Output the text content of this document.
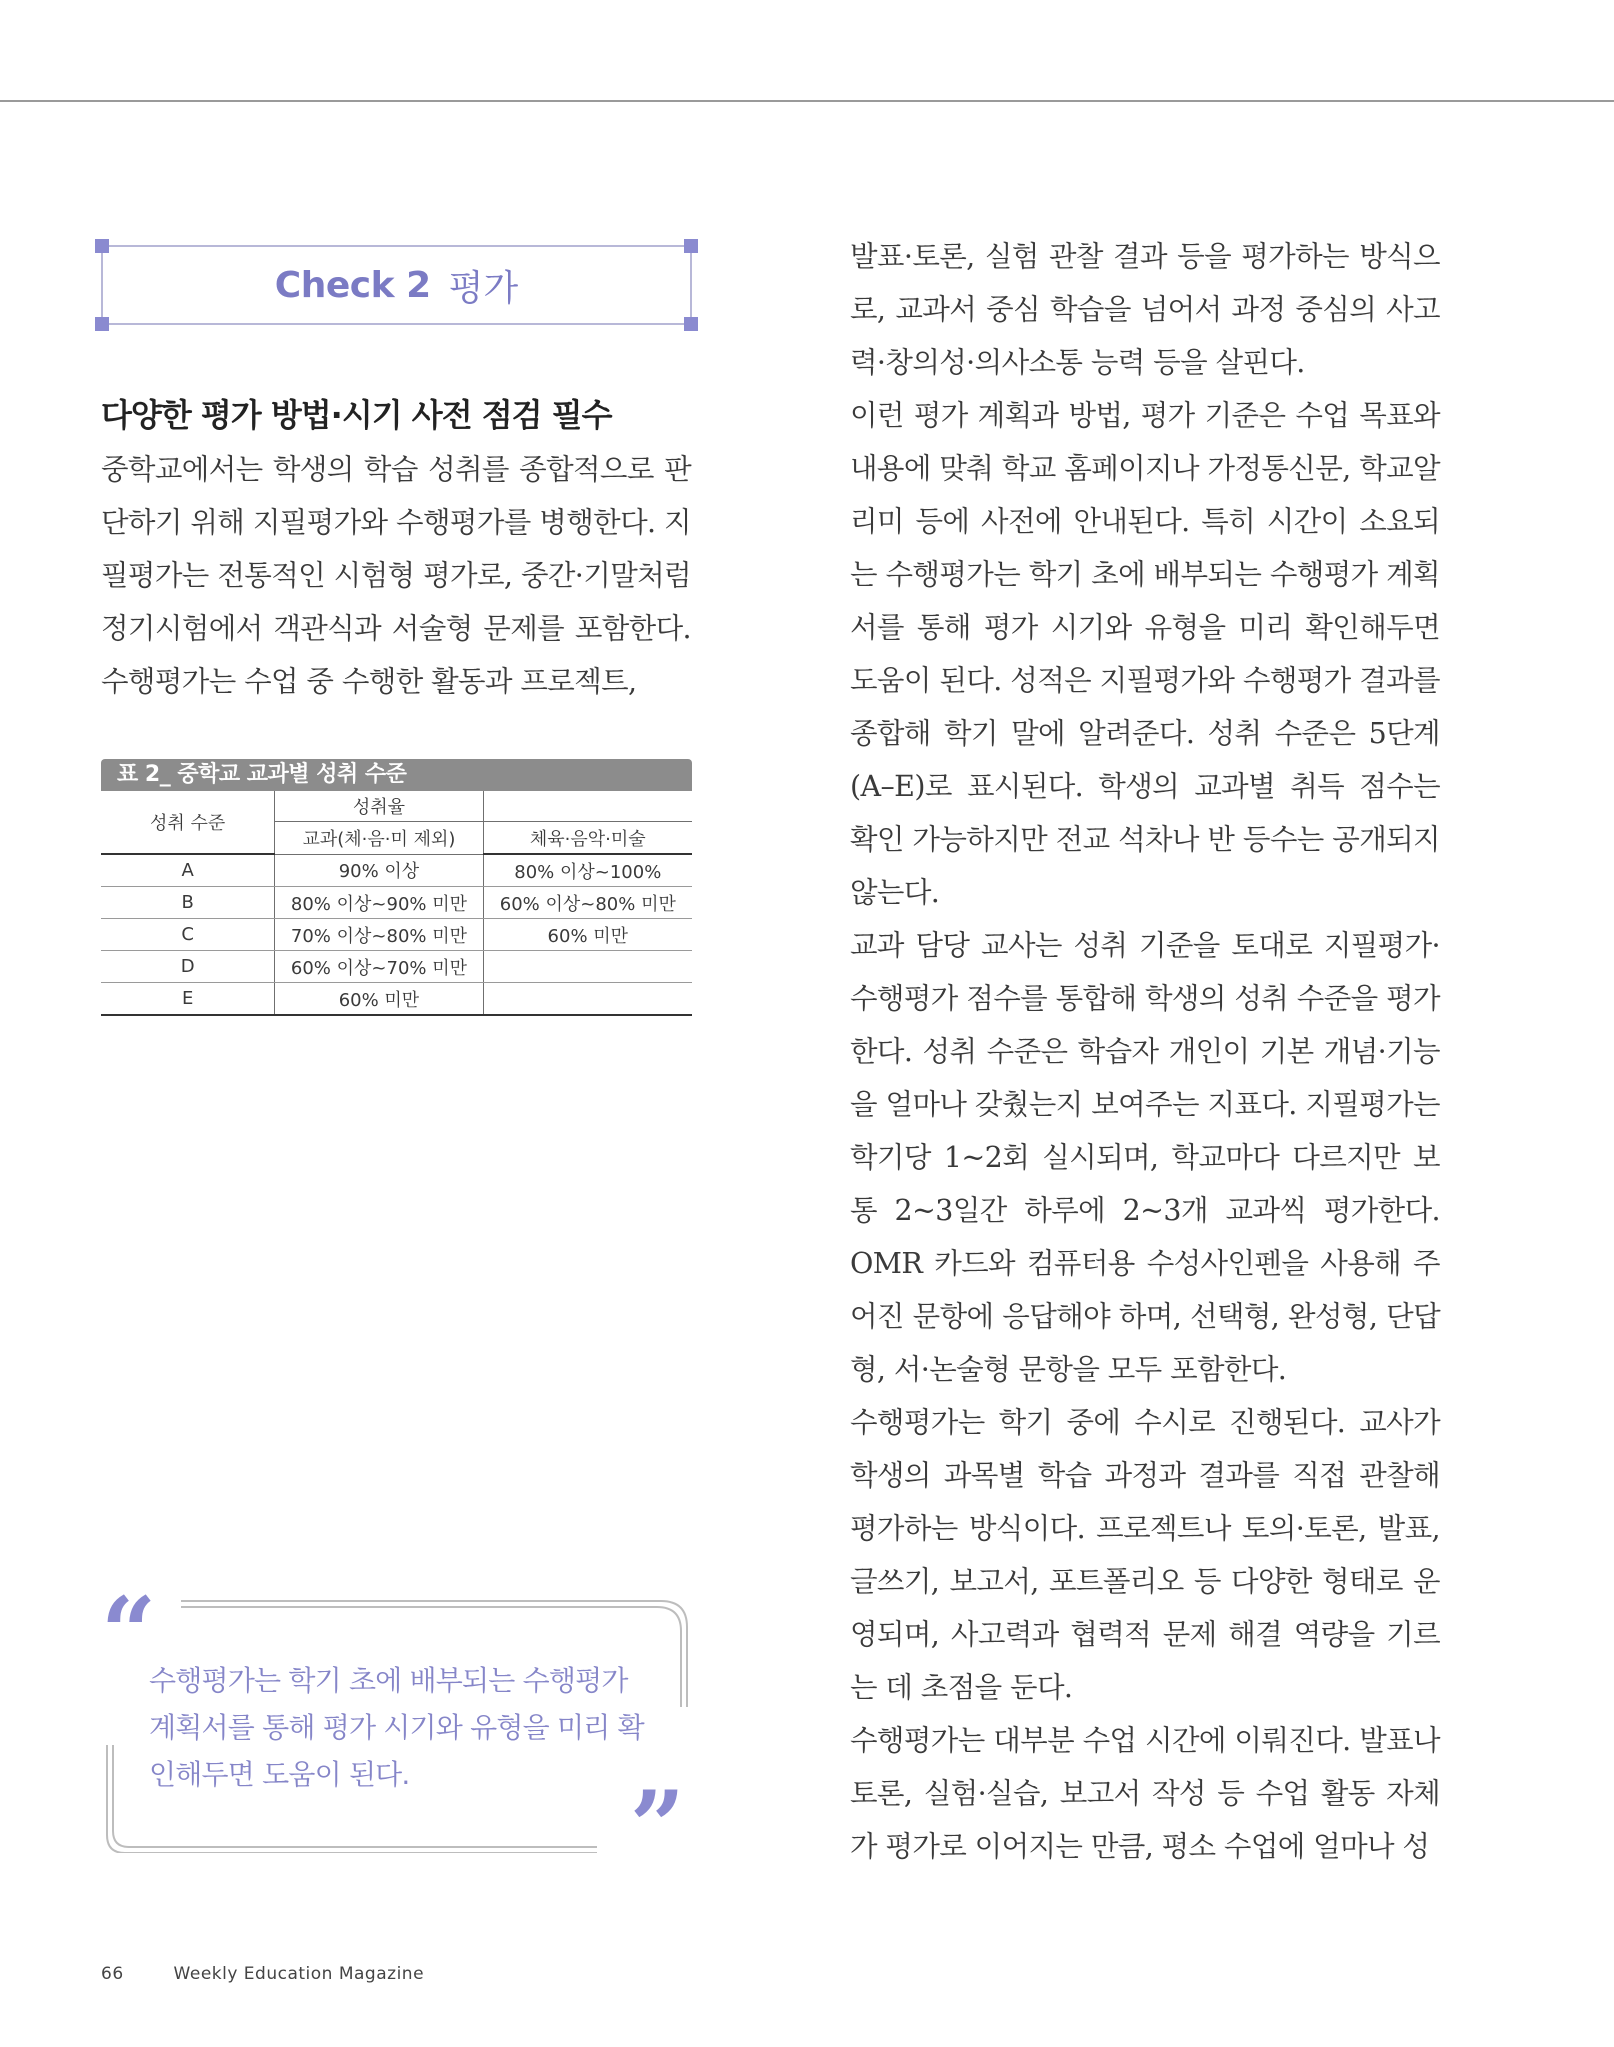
Check 2 평가
다양한 평가 방법·시기 사전 점검 필수
중학교에서는 학생의 학습 성취를 종합적으로 판단하기 위해 지필평가와 수행평가를 병행한다. 지필평가는 전통적인 시험형 평가로, 중간·기말처럼 정기시험에서 객관식과 서술형 문제를 포함한다. 수행평가는 수업 중 수행한 활동과 프로젝트,
표 2_ 중학교 교과별 성취 수준
성취 수준	성취율	
	교과(체·음·미 제외)	체육·음악·미술
A	90% 이상	80% 이상~100%
B	80% 이상~90% 미만	60% 이상~80% 미만
C	70% 이상~80% 미만	60% 미만
D	60% 이상~70% 미만	
E	60% 미만	
“
수행평가는 학기 초에 배부되는 수행평가 계획서를 통해 평가 시기와 유형을 미리 확인해두면 도움이 된다.	”

발표·토론, 실험 관찰 결과 등을 평가하는 방식으로, 교과서 중심 학습을 넘어서 과정 중심의 사고력·창의성·의사소통 능력 등을 살핀다.

이런 평가 계획과 방법, 평가 기준은 수업 목표와 내용에 맞춰 학교 홈페이지나 가정통신문, 학교알리미 등에 사전에 안내된다. 특히 시간이 소요되는 수행평가는 학기 초에 배부되는 수행평가 계획서를 통해 평가 시기와 유형을 미리 확인해두면 도움이 된다. 성적은 지필평가와 수행평가 결과를 종합해 학기 말에 알려준다. 성취 수준은 5단계(A–E)로 표시된다. 학생의 교과별 취득 점수는 확인 가능하지만 전교 석차나 반 등수는 공개되지 않는다.

교과 담당 교사는 성취 기준을 토대로 지필평가·수행평가 점수를 통합해 학생의 성취 수준을 평가한다. 성취 수준은 학습자 개인이 기본 개념·기능을 얼마나 갖췄는지 보여주는 지표다. 지필평가는 학기당 1~2회 실시되며, 학교마다 다르지만 보통 2~3일간 하루에 2~3개 교과씩 평가한다. OMR 카드와 컴퓨터용 수성사인펜을 사용해 주어진 문항에 응답해야 하며, 선택형, 완성형, 단답형, 서·논술형 문항을 모두 포함한다.

수행평가는 학기 중에 수시로 진행된다. 교사가 학생의 과목별 학습 과정과 결과를 직접 관찰해 평가하는 방식이다. 프로젝트나 토의·토론, 발표, 글쓰기, 보고서, 포트폴리오 등 다양한 형태로 운영되며, 사고력과 협력적 문제 해결 역량을 기르는 데 초점을 둔다.

수행평가는 대부분 수업 시간에 이뤄진다. 발표나 토론, 실험·실습, 보고서 작성 등 수업 활동 자체가 평가로 이어지는 만큼, 평소 수업에 얼마나 성

66	Weekly Education Magazine
